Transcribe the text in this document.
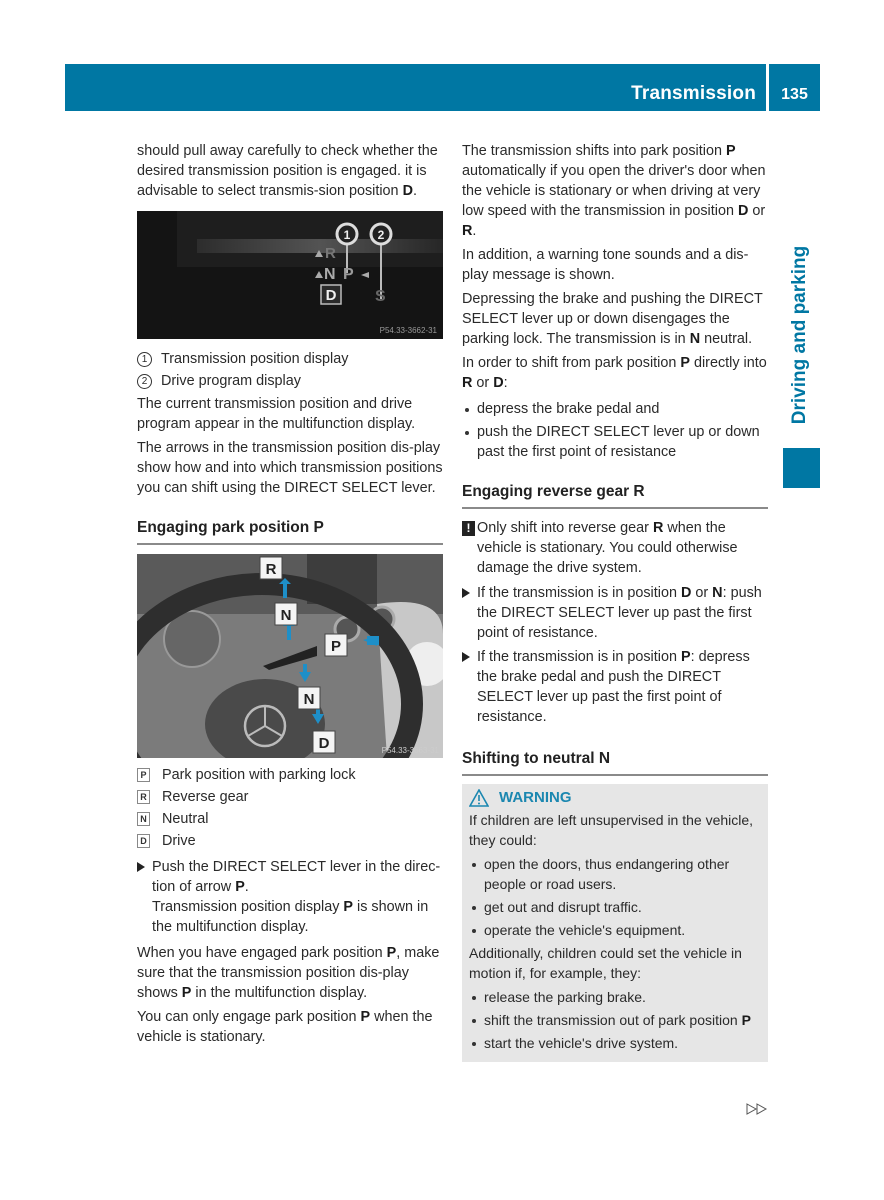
Transmission	135
Driving and parking

should pull away carefully to check whether the desired transmission position is engaged. it is advisable to select transmis-sion position D.

1 2
R
N P
D S
P54.33-3662-31
1 Transmission position display
2 Drive program display

The current transmission position and drive program appear in the multifunction display.

The arrows in the transmission position dis-play show how and into which transmission positions you can shift using the DIRECT SELECT lever.

Engaging park position P
R
N
P
N
D	P54.33-3663-31
P Park position with parking lock
R Reverse gear
N Neutral
D Drive
Push the DIRECT SELECT lever in the direc-tion of arrow P.
Transmission position display P is shown in the multifunction display.

When you have engaged park position P, make sure that the transmission position dis-play shows P in the multifunction display.

You can only engage park position P when the vehicle is stationary.

The transmission shifts into park position P automatically if you open the driver's door when the vehicle is stationary or when driving at very low speed with the transmission in position D or R.

In addition, a warning tone sounds and a dis-play message is shown.

Depressing the brake and pushing the DIRECT SELECT lever up or down disengages the parking lock. The transmission is in N neutral.

In order to shift from park position P directly into R or D:

depress the brake pedal and
push the DIRECT SELECT lever up or down past the first point of resistance
Engaging reverse gear R
! Only shift into reverse gear R when the vehicle is stationary. You could otherwise damage the drive system.
If the transmission is in position D or N: push the DIRECT SELECT lever up past the first point of resistance.
If the transmission is in position P: depress the brake pedal and push the DIRECT SELECT lever up past the first point of resistance.
Shifting to neutral N
WARNING

If children are left unsupervised in the vehicle, they could:

open the doors, thus endangering other people or road users.
get out and disrupt traffic.
operate the vehicle's equipment.

Additionally, children could set the vehicle in motion if, for example, they:

release the parking brake.
shift the transmission out of park position P
start the vehicle's drive system.
